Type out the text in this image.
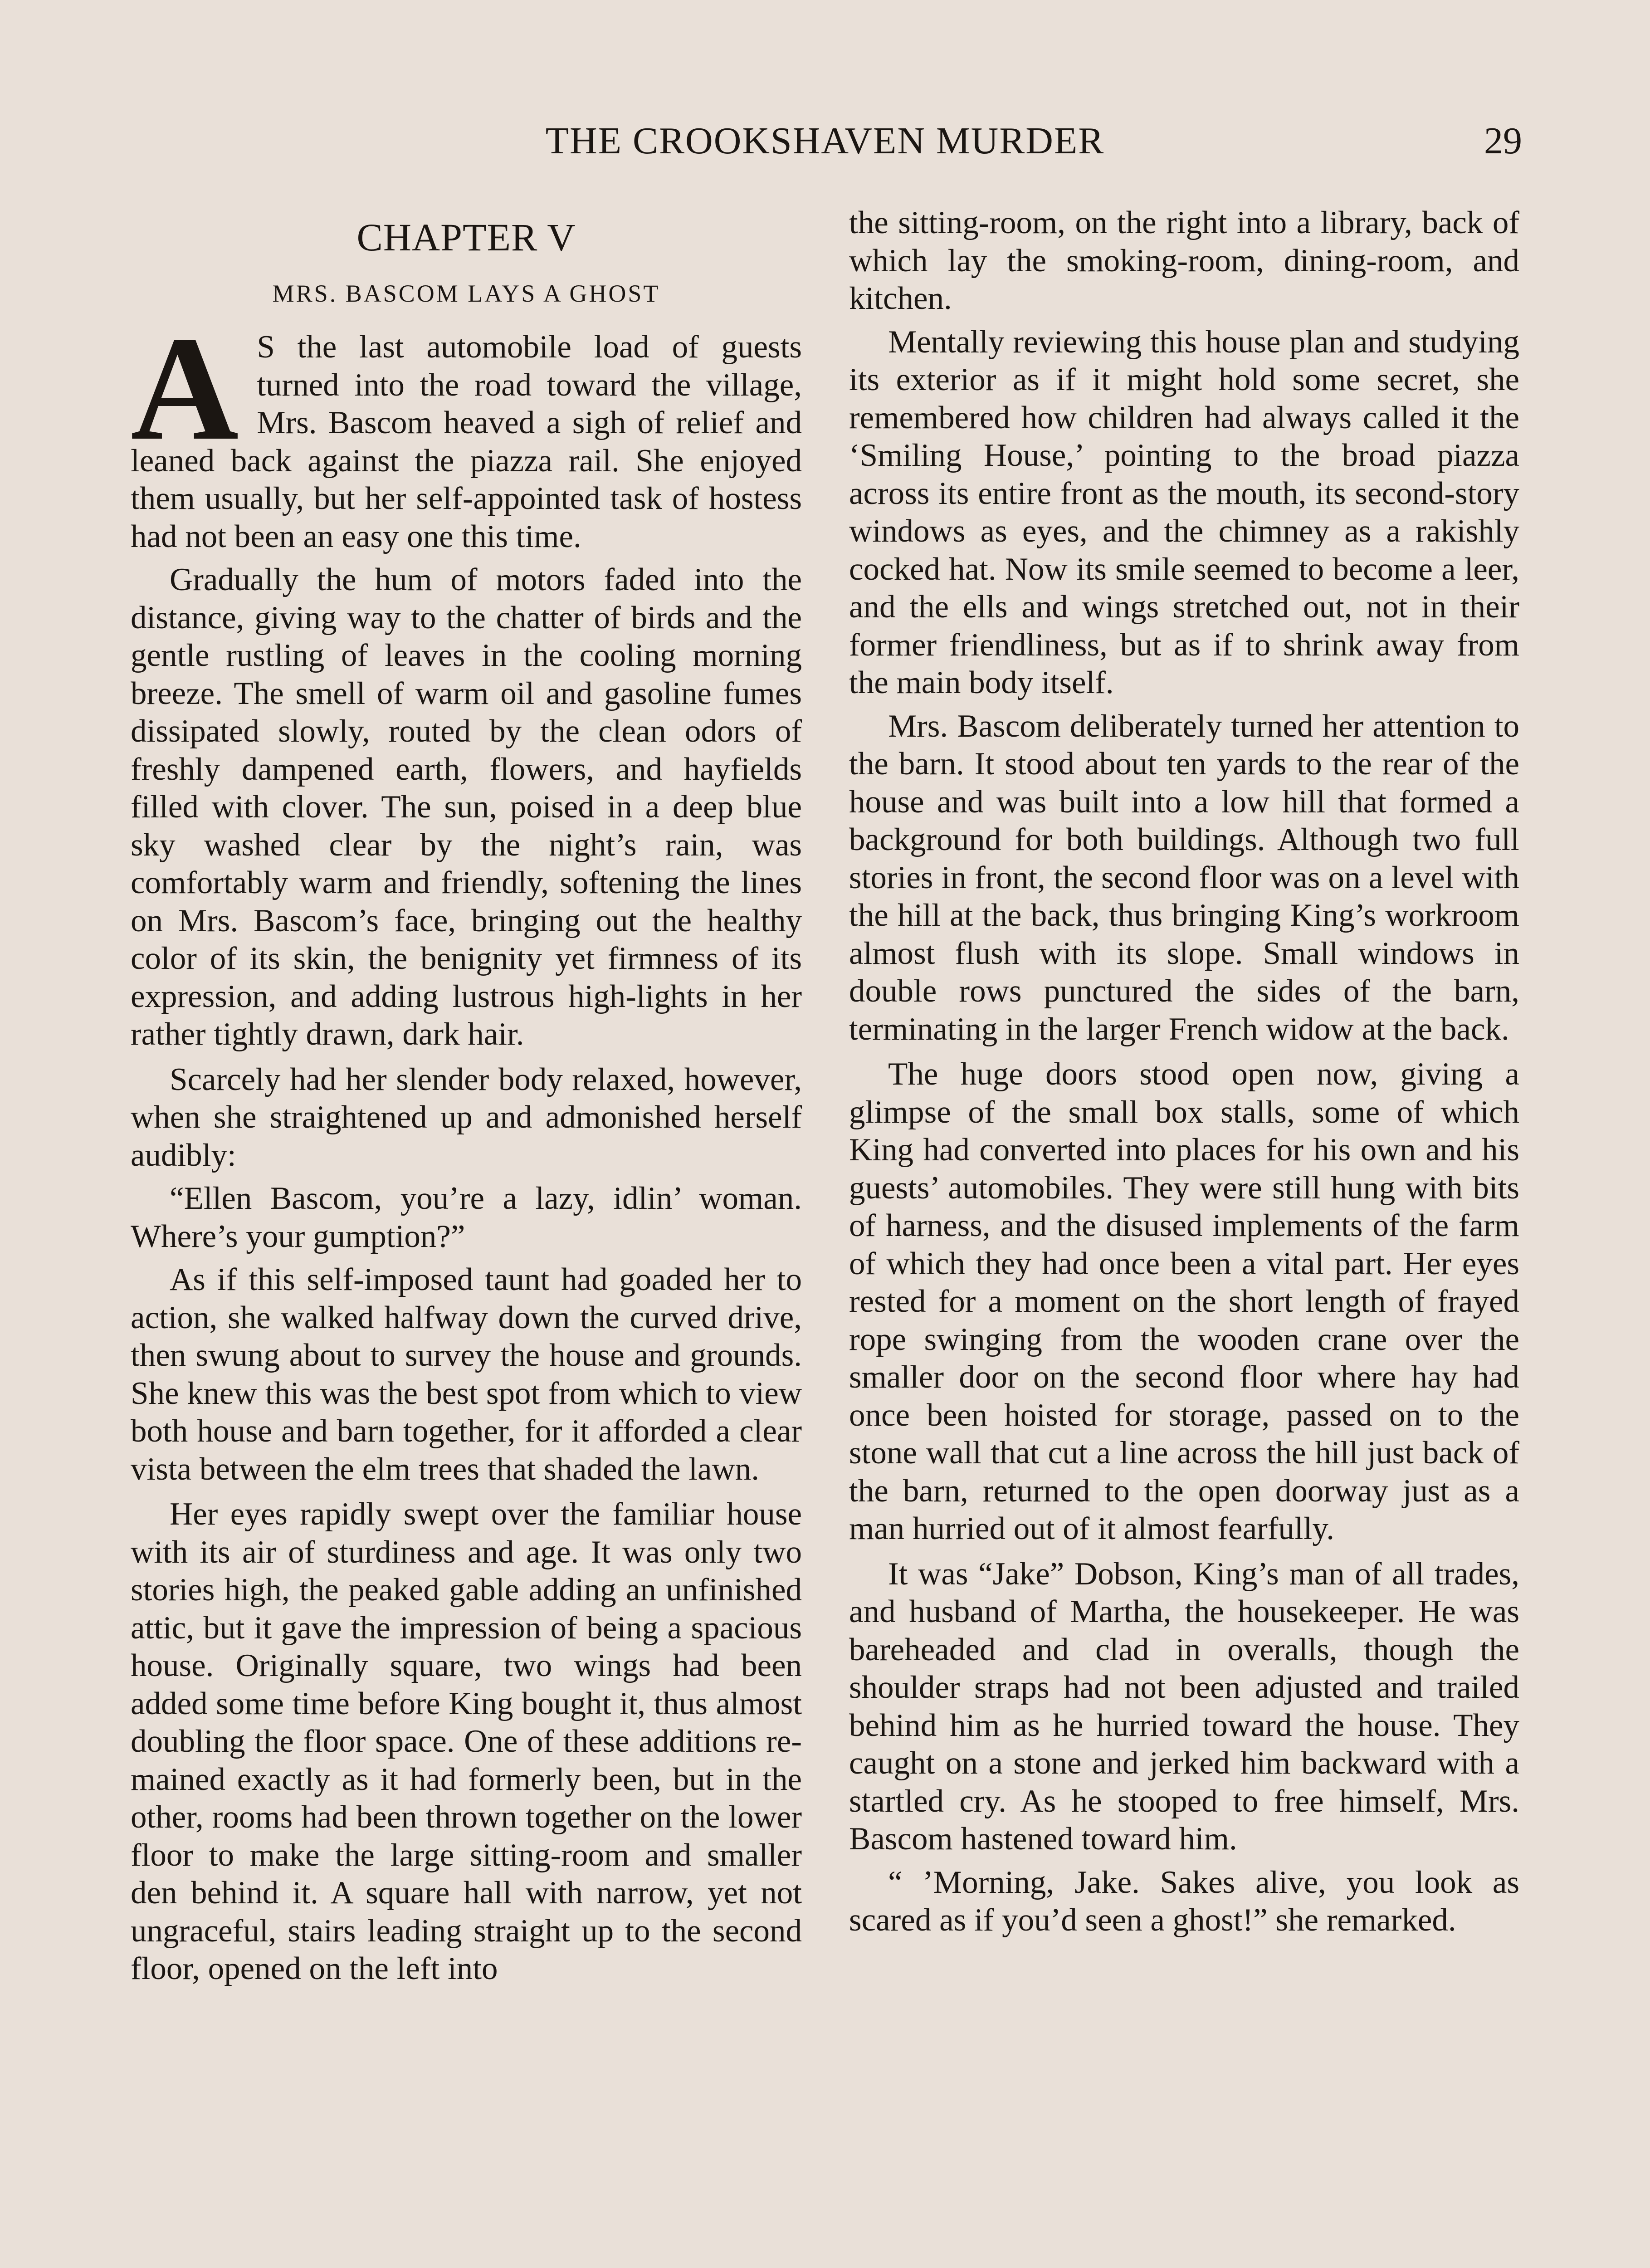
THE CROOKSHAVEN MURDER	29
CHAPTER V
MRS. BASCOM LAYS A GHOST

A S the last automobile load of guests turned into the road toward the village, Mrs. Bascom heaved a sigh of relief and leaned back against the piazza rail. She enjoyed them usually, but her self-appointed task of hostess had not been an easy one this time.

Gradually the hum of motors faded into the distance, giving way to the chatter of birds and the gentle rustling of leaves in the cooling morning breeze. The smell of warm oil and gasoline fumes dissipated slowly, routed by the clean odors of freshly dampened earth, flowers, and hayfields filled with clover. The sun, poised in a deep blue sky washed clear by the night’s rain, was comfortably warm and friendly, softening the lines on Mrs. Bascom’s face, bringing out the healthy color of its skin, the benignity yet firmness of its expression, and adding lustrous high-lights in her rather tightly drawn, dark hair.

Scarcely had her slender body relaxed, however, when she straightened up and admonished herself audibly:

“Ellen Bascom, you’re a lazy, idlin’ woman. Where’s your gumption?”

As if this self-imposed taunt had goaded her to action, she walked halfway down the curved drive, then swung about to survey the house and grounds. She knew this was the best spot from which to view both house and barn together, for it afforded a clear vista between the elm trees that shaded the lawn.

Her eyes rapidly swept over the familiar house with its air of sturdiness and age. It was only two stories high, the peaked gable adding an unfinished attic, but it gave the impression of being a spacious house. Originally square, two wings had been added some time before King bought it, thus almost doubling the floor space. One of these additions remained exactly as it had formerly been, but in the other, rooms had been thrown together on the lower floor to make the large sitting-room and smaller den behind it. A square hall with narrow, yet not ungraceful, stairs leading straight up to the second floor, opened on the left into

the sitting-room, on the right into a library, back of which lay the smoking-room, dining-room, and kitchen.

Mentally reviewing this house plan and studying its exterior as if it might hold some secret, she remembered how children had always called it the ‘Smiling House,’ pointing to the broad piazza across its entire front as the mouth, its second-story windows as eyes, and the chimney as a rakishly cocked hat. Now its smile seemed to become a leer, and the ells and wings stretched out, not in their former friendliness, but as if to shrink away from the main body itself.

Mrs. Bascom deliberately turned her attention to the barn. It stood about ten yards to the rear of the house and was built into a low hill that formed a background for both buildings. Although two full stories in front, the second floor was on a level with the hill at the back, thus bringing King’s workroom almost flush with its slope. Small windows in double rows punctured the sides of the barn, terminating in the larger French widow at the back.

The huge doors stood open now, giving a glimpse of the small box stalls, some of which King had converted into places for his own and his guests’ automobiles. They were still hung with bits of harness, and the disused implements of the farm of which they had once been a vital part. Her eyes rested for a moment on the short length of frayed rope swinging from the wooden crane over the smaller door on the second floor where hay had once been hoisted for storage, passed on to the stone wall that cut a line across the hill just back of the barn, returned to the open doorway just as a man hurried out of it almost fearfully.

It was “Jake” Dobson, King’s man of all trades, and husband of Martha, the housekeeper. He was bareheaded and clad in overalls, though the shoulder straps had not been adjusted and trailed behind him as he hurried toward the house. They caught on a stone and jerked him backward with a startled cry. As he stooped to free himself, Mrs. Bascom hastened toward him.

“ ’Morning, Jake. Sakes alive, you look as scared as if you’d seen a ghost!” she remarked.
